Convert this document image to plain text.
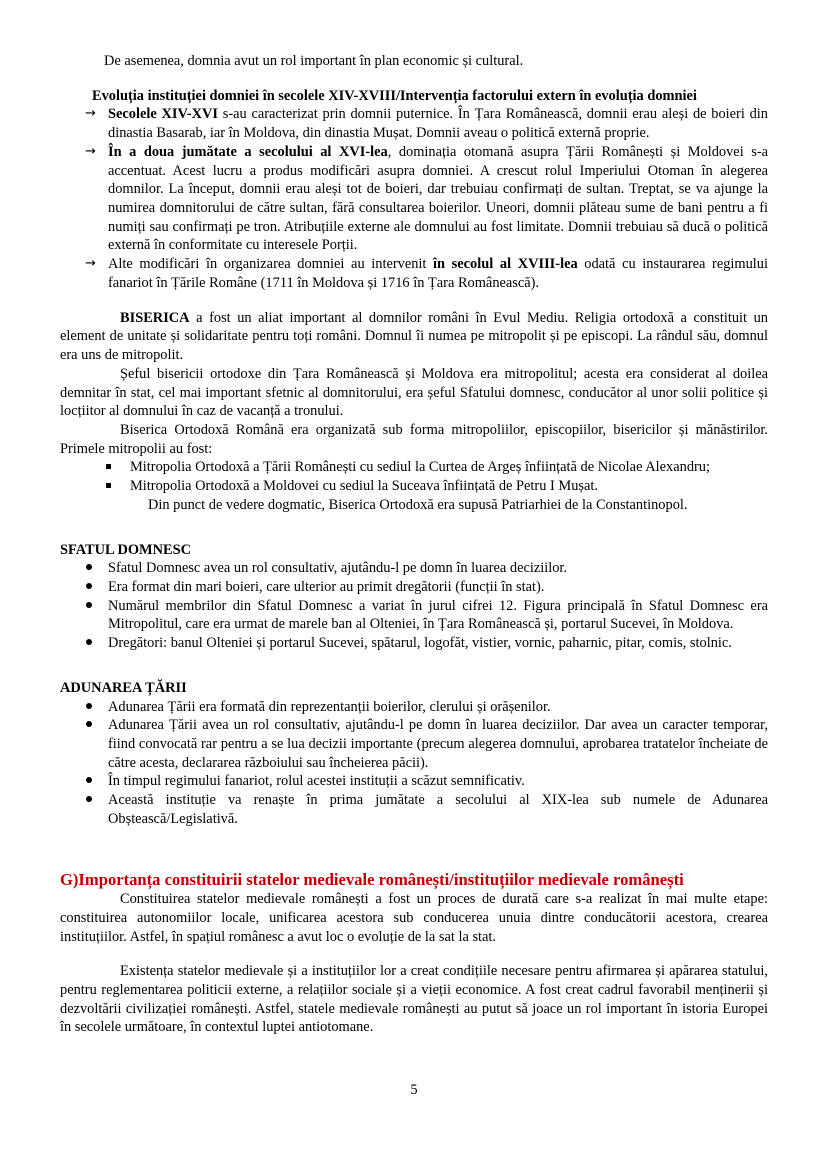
De asemenea, domnia avut un rol important în plan economic și cultural.

Evoluția instituției domniei în secolele XIV-XVIII/Intervenția factorului extern în evoluția domniei

→ Secolele XIV-XVI s-au caracterizat prin domnii puternice. În Țara Românească, domnii erau aleși de boieri din dinastia Basarab, iar în Moldova, din dinastia Mușat. Domnii aveau o politică externă proprie.
→ În a doua jumătate a secolului al XVI-lea, dominația otomană asupra Țării Românești și Moldovei s-a accentuat. Acest lucru a produs modificări asupra domniei. A crescut rolul Imperiului Otoman în alegerea domnilor. La început, domnii erau aleși tot de boieri, dar trebuiau confirmați de sultan. Treptat, se va ajunge la numirea domnitorului de către sultan, fără consultarea boierilor. Uneori, domnii plăteau sume de bani pentru a fi numiți sau confirmați pe tron. Atribuțiile externe ale domnului au fost limitate. Domnii trebuiau să ducă o politică externă în conformitate cu interesele Porții.
→ Alte modificări în organizarea domniei au intervenit în secolul al XVIII-lea odată cu instaurarea regimului fanariot în Țările Române (1711 în Moldova și 1716 în Țara Românească).

BISERICA a fost un aliat important al domnilor români în Evul Mediu. Religia ortodoxă a constituit un element de unitate și solidaritate pentru toți români. Domnul îi numea pe mitropolit și pe episcopi. La rândul său, domnul era uns de mitropolit.

Șeful bisericii ortodoxe din Țara Românească și Moldova era mitropolitul; acesta era considerat al doilea demnitar în stat, cel mai important sfetnic al domnitorului, era șeful Sfatului domnesc, conducător al unor solii politice și locțiitor al domnului în caz de vacanță a tronului.

Biserica Ortodoxă Română era organizată sub forma mitropoliilor, episcopiilor, bisericilor și mănăstirilor. Primele mitropolii au fost:

Mitropolia Ortodoxă a Țării Românești cu sediul la Curtea de Argeș înființată de Nicolae Alexandru;
Mitropolia Ortodoxă a Moldovei cu sediul la Suceava înființată de Petru I Mușat.

Din punct de vedere dogmatic, Biserica Ortodoxă era supusă Patriarhiei de la Constantinopol.

SFATUL DOMNESC

Sfatul Domnesc avea un rol consultativ, ajutându-l pe domn în luarea deciziilor.
Era format din mari boieri, care ulterior au primit dregătorii (funcții în stat).
Numărul membrilor din Sfatul Domnesc a variat în jurul cifrei 12. Figura principală în Sfatul Domnesc era Mitropolitul, care era urmat de marele ban al Olteniei, în Țara Românească și, portarul Sucevei, în Moldova.
Dregători: banul Olteniei și portarul Sucevei, spătarul, logofăt, vistier, vornic, paharnic, pitar, comis, stolnic.

ADUNAREA ȚĂRII

Adunarea Țării era formată din reprezentanții boierilor, clerului și orășenilor.
Adunarea Țării avea un rol consultativ, ajutându-l pe domn în luarea deciziilor. Dar avea un caracter temporar, fiind convocată rar pentru a se lua decizii importante (precum alegerea domnului, aprobarea tratatelor încheiate de către acesta, declararea războiului sau încheierea păcii).
În timpul regimului fanariot, rolul acestei instituții a scăzut semnificativ.
Această instituție va renaște în prima jumătate a secolului al XIX-lea sub numele de Adunarea Obștească/Legislativă.

G)Importanța constituirii statelor medievale românești/instituțiilor medievale românești

Constituirea statelor medievale românești a fost un proces de durată care s-a realizat în mai multe etape: constituirea autonomiilor locale, unificarea acestora sub conducerea unuia dintre conducătorii acestora, crearea instituțiilor. Astfel, în spațiul românesc a avut loc o evoluție de la sat la stat.

Existența statelor medievale și a instituțiilor lor a creat condițiile necesare pentru afirmarea și apărarea statului, pentru reglementarea politicii externe, a relațiilor sociale și a vieții economice. A fost creat cadrul favorabil menținerii și dezvoltării civilizației românești. Astfel, statele medievale românești au putut să joace un rol important în istoria Europei în secolele următoare, în contextul luptei antiotomane.

5
